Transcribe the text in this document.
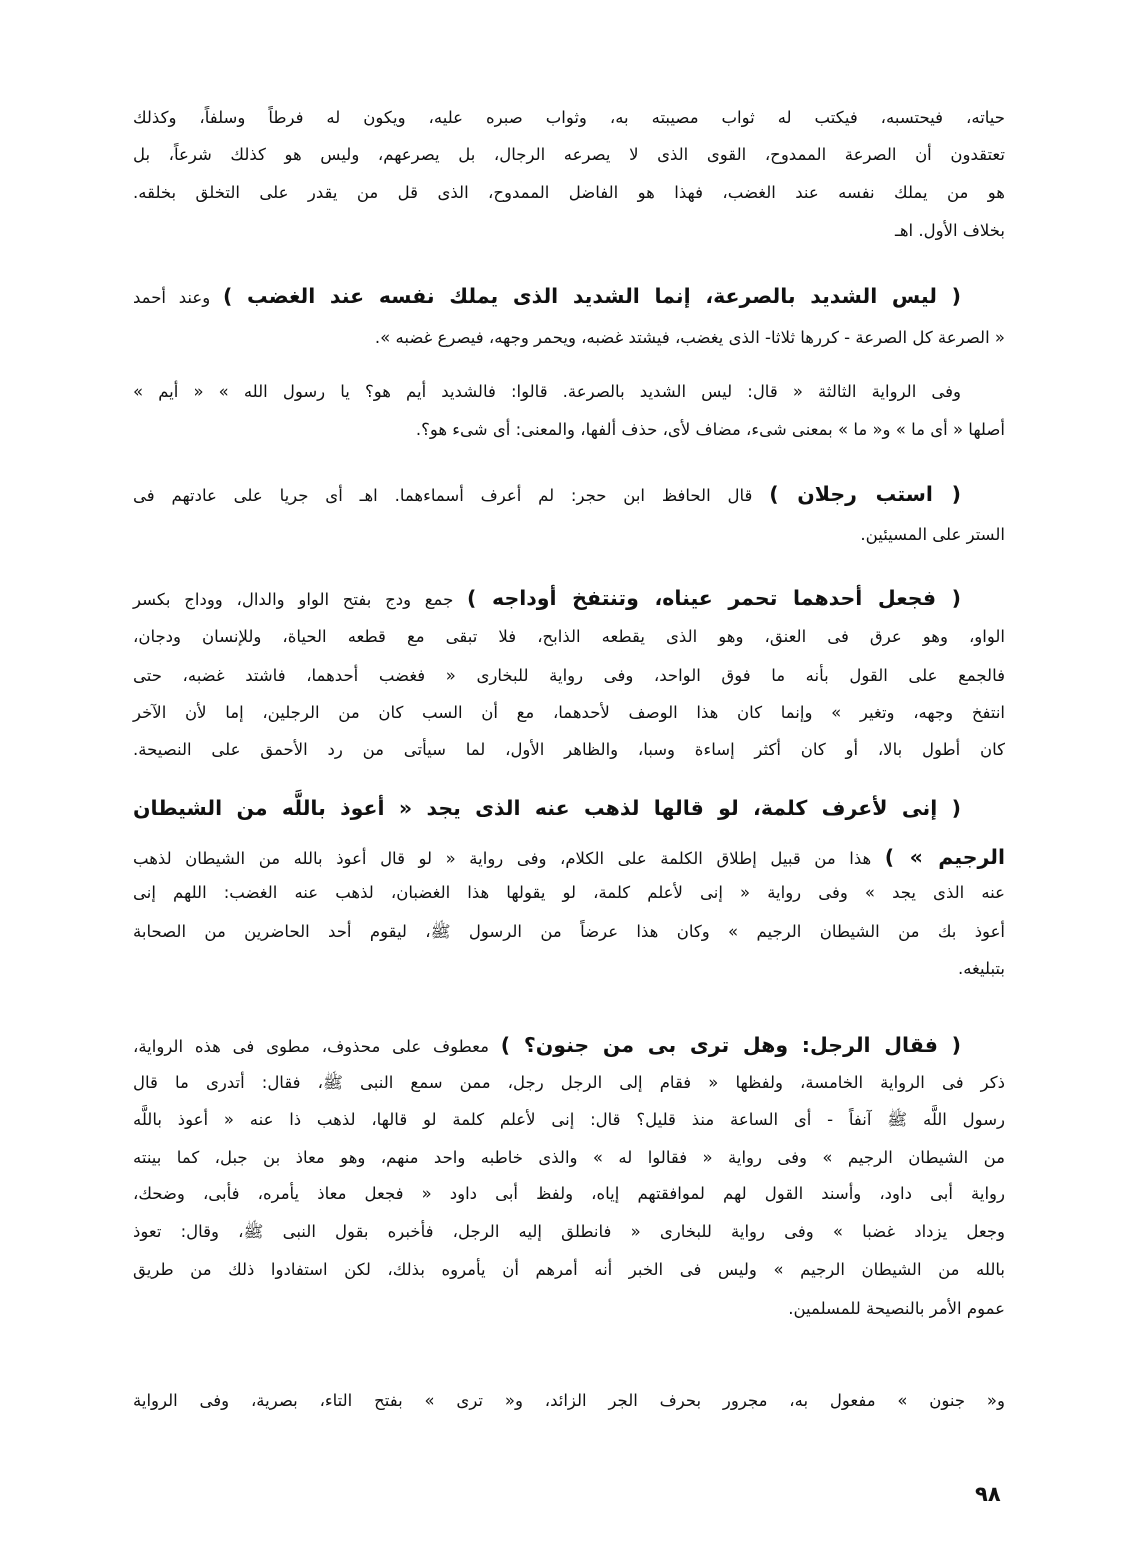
حياته، فيحتسبه، فيكتب له ثواب مصيبته به، وثواب صبره عليه، ويكون له فرطاً وسلفاً، وكذلك
تعتقدون أن الصرعة الممدوح، القوى الذى لا يصرعه الرجال، بل يصرعهم، وليس هو كذلك شرعاً، بل
هو من يملك نفسه عند الغضب، فهذا هو الفاضل الممدوح، الذى قل من يقدر على التخلق بخلقه.
بخلاف الأول. اهـ
( ليس الشديد بالصرعة، إنما الشديد الذى يملك نفسه عند الغضب ) وعند أحمد
« الصرعة كل الصرعة - كررها ثلاثا- الذى يغضب، فيشتد غضبه، ويحمر وجهه، فيصرع غضبه ».
وفى الرواية الثالثة « قال: ليس الشديد بالصرعة. قالوا: فالشديد أيم هو؟ يا رسول الله » « أيم »
أصلها « أى ما » و« ما » بمعنى شىء، مضاف لأى، حذف ألفها، والمعنى: أى شىء هو؟.
( استب رجلان ) قال الحافظ ابن حجر: لم أعرف أسماءهما. اهـ أى جريا على عادتهم فى
الستر على المسيئين.
( فجعل أحدهما تحمر عيناه، وتنتفخ أوداجه ) جمع ودج بفتح الواو والدال، ووداج بكسر
الواو، وهو عرق فى العنق، وهو الذى يقطعه الذابح، فلا تبقى مع قطعه الحياة، وللإنسان ودجان،
فالجمع على القول بأنه ما فوق الواحد، وفى رواية للبخارى « فغضب أحدهما، فاشتد غضبه، حتى
انتفخ وجهه، وتغير » وإنما كان هذا الوصف لأحدهما، مع أن السب كان من الرجلين، إما لأن الآخر
كان أطول بالا، أو كان أكثر إساءة وسبا، والظاهر الأول، لما سيأتى من رد الأحمق على النصيحة.
( إنى لأعرف كلمة، لو قالها لذهب عنه الذى يجد « أعوذ باللَّه من الشيطان
الرجيم » ) هذا من قبيل إطلاق الكلمة على الكلام، وفى رواية « لو قال أعوذ بالله من الشيطان لذهب
عنه الذى يجد » وفى رواية « إنى لأعلم كلمة، لو يقولها هذا الغضبان، لذهب عنه الغضب: اللهم إنى
أعوذ بك من الشيطان الرجيم » وكان هذا عرضاً من الرسول ﷺ، ليقوم أحد الحاضرين من الصحابة
بتبليغه.
( فقال الرجل: وهل ترى بى من جنون؟ ) معطوف على محذوف، مطوى فى هذه الرواية،
ذكر فى الرواية الخامسة، ولفظها « فقام إلى الرجل رجل، ممن سمع النبى ﷺ، فقال: أتدرى ما قال
رسول اللَّه ﷺ آنفاً - أى الساعة منذ قليل؟ قال: إنى لأعلم كلمة لو قالها، لذهب ذا عنه « أعوذ باللَّه
من الشيطان الرجيم » وفى رواية « فقالوا له » والذى خاطبه واحد منهم، وهو معاذ بن جبل، كما بينته
رواية أبى داود، وأسند القول لهم لموافقتهم إياه، ولفظ أبى داود « فجعل معاذ يأمره، فأبى، وضحك،
وجعل يزداد غضبا » وفى رواية للبخارى « فانطلق إليه الرجل، فأخبره بقول النبى ﷺ، وقال: تعوذ
بالله من الشيطان الرجيم » وليس فى الخبر أنه أمرهم أن يأمروه بذلك، لكن استفادوا ذلك من طريق
عموم الأمر بالنصيحة للمسلمين.
و« جنون » مفعول به، مجرور بحرف الجر الزائد، و« ترى » بفتح التاء، بصرية، وفى الرواية
٩٨
